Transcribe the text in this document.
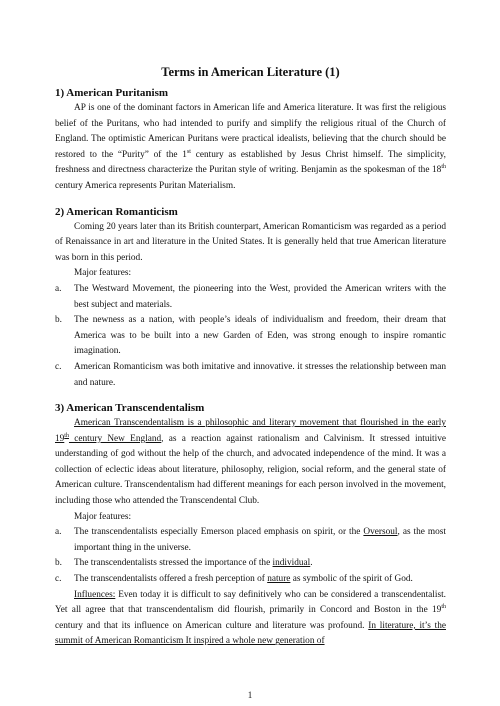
Terms in American Literature (1)
1) American Puritanism

AP is one of the dominant factors in American life and America literature. It was first the religious belief of the Puritans, who had intended to purify and simplify the religious ritual of the Church of England. The optimistic American Puritans were practical idealists, believing that the church should be restored to the “Purity” of the 1st century as established by Jesus Christ himself. The simplicity, freshness and directness characterize the Puritan style of writing. Benjamin as the spokesman of the 18th century America represents Puritan Materialism.

2) American Romanticism

Coming 20 years later than its British counterpart, American Romanticism was regarded as a period of Renaissance in art and literature in the United States. It is generally held that true American literature was born in this period.

Major features:
a.	The Westward Movement, the pioneering into the West, provided the American writers with the best subject and materials.
b.	The newness as a nation, with people’s ideals of individualism and freedom, their dream that America was to be built into a new Garden of Eden, was strong enough to inspire romantic imagination.
c.	American Romanticism was both imitative and innovative. it stresses the relationship between man and nature.
3) American Transcendentalism

American Transcendentalism is a philosophic and literary movement that flourished in the early 19th century New England, as a reaction against rationalism and Calvinism. It stressed intuitive understanding of god without the help of the church, and advocated independence of the mind. It was a collection of eclectic ideas about literature, philosophy, religion, social reform, and the general state of American culture. Transcendentalism had different meanings for each person involved in the movement, including those who attended the Transcendental Club.

Major features:
a.	The transcendentalists especially Emerson placed emphasis on spirit, or the Oversoul, as the most important thing in the universe.
b.	The transcendentalists stressed the importance of the individual.
c.	The transcendentalists offered a fresh perception of nature as symbolic of the spirit of God.

Influences: Even today it is difficult to say definitively who can be considered a transcendentalist. Yet all agree that that transcendentalism did flourish, primarily in Concord and Boston in the 19th century and that its influence on American culture and literature was profound. In literature, it’s the summit of American Romanticism It inspired a whole new generation of

1
